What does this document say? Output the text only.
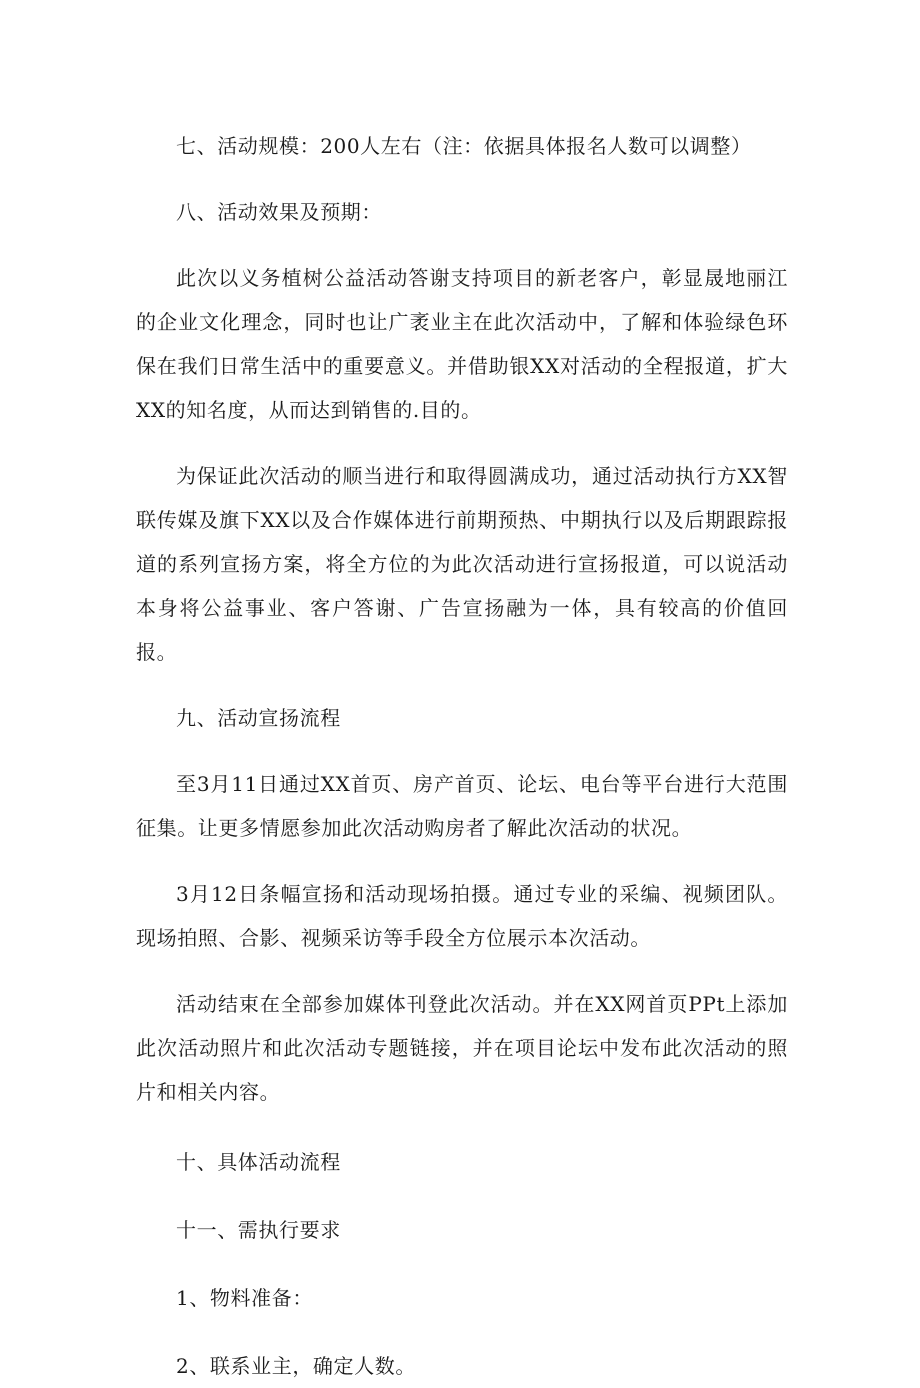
七、活动规模：200人左右（注：依据具体报名人数可以调整）

八、活动效果及预期：

此次以义务植树公益活动答谢支持项目的新老客户，彰显晟地丽江的企业文化理念，同时也让广袤业主在此次活动中，了解和体验绿色环保在我们日常生活中的重要意义。并借助银XX对活动的全程报道，扩大XX的知名度，从而达到销售的.目的。

为保证此次活动的顺当进行和取得圆满成功，通过活动执行方XX智联传媒及旗下XX以及合作媒体进行前期预热、中期执行以及后期跟踪报道的系列宣扬方案，将全方位的为此次活动进行宣扬报道，可以说活动本身将公益事业、客户答谢、广告宣扬融为一体，具有较高的价值回报。

九、活动宣扬流程

至3月11日通过XX首页、房产首页、论坛、电台等平台进行大范围征集。让更多情愿参加此次活动购房者了解此次活动的状况。

3月12日条幅宣扬和活动现场拍摄。通过专业的采编、视频团队。现场拍照、合影、视频采访等手段全方位展示本次活动。

活动结束在全部参加媒体刊登此次活动。并在XX网首页PPt上添加此次活动照片和此次活动专题链接，并在项目论坛中发布此次活动的照片和相关内容。

十、具体活动流程

十一、需执行要求

1、物料准备：

2、联系业主，确定人数。
